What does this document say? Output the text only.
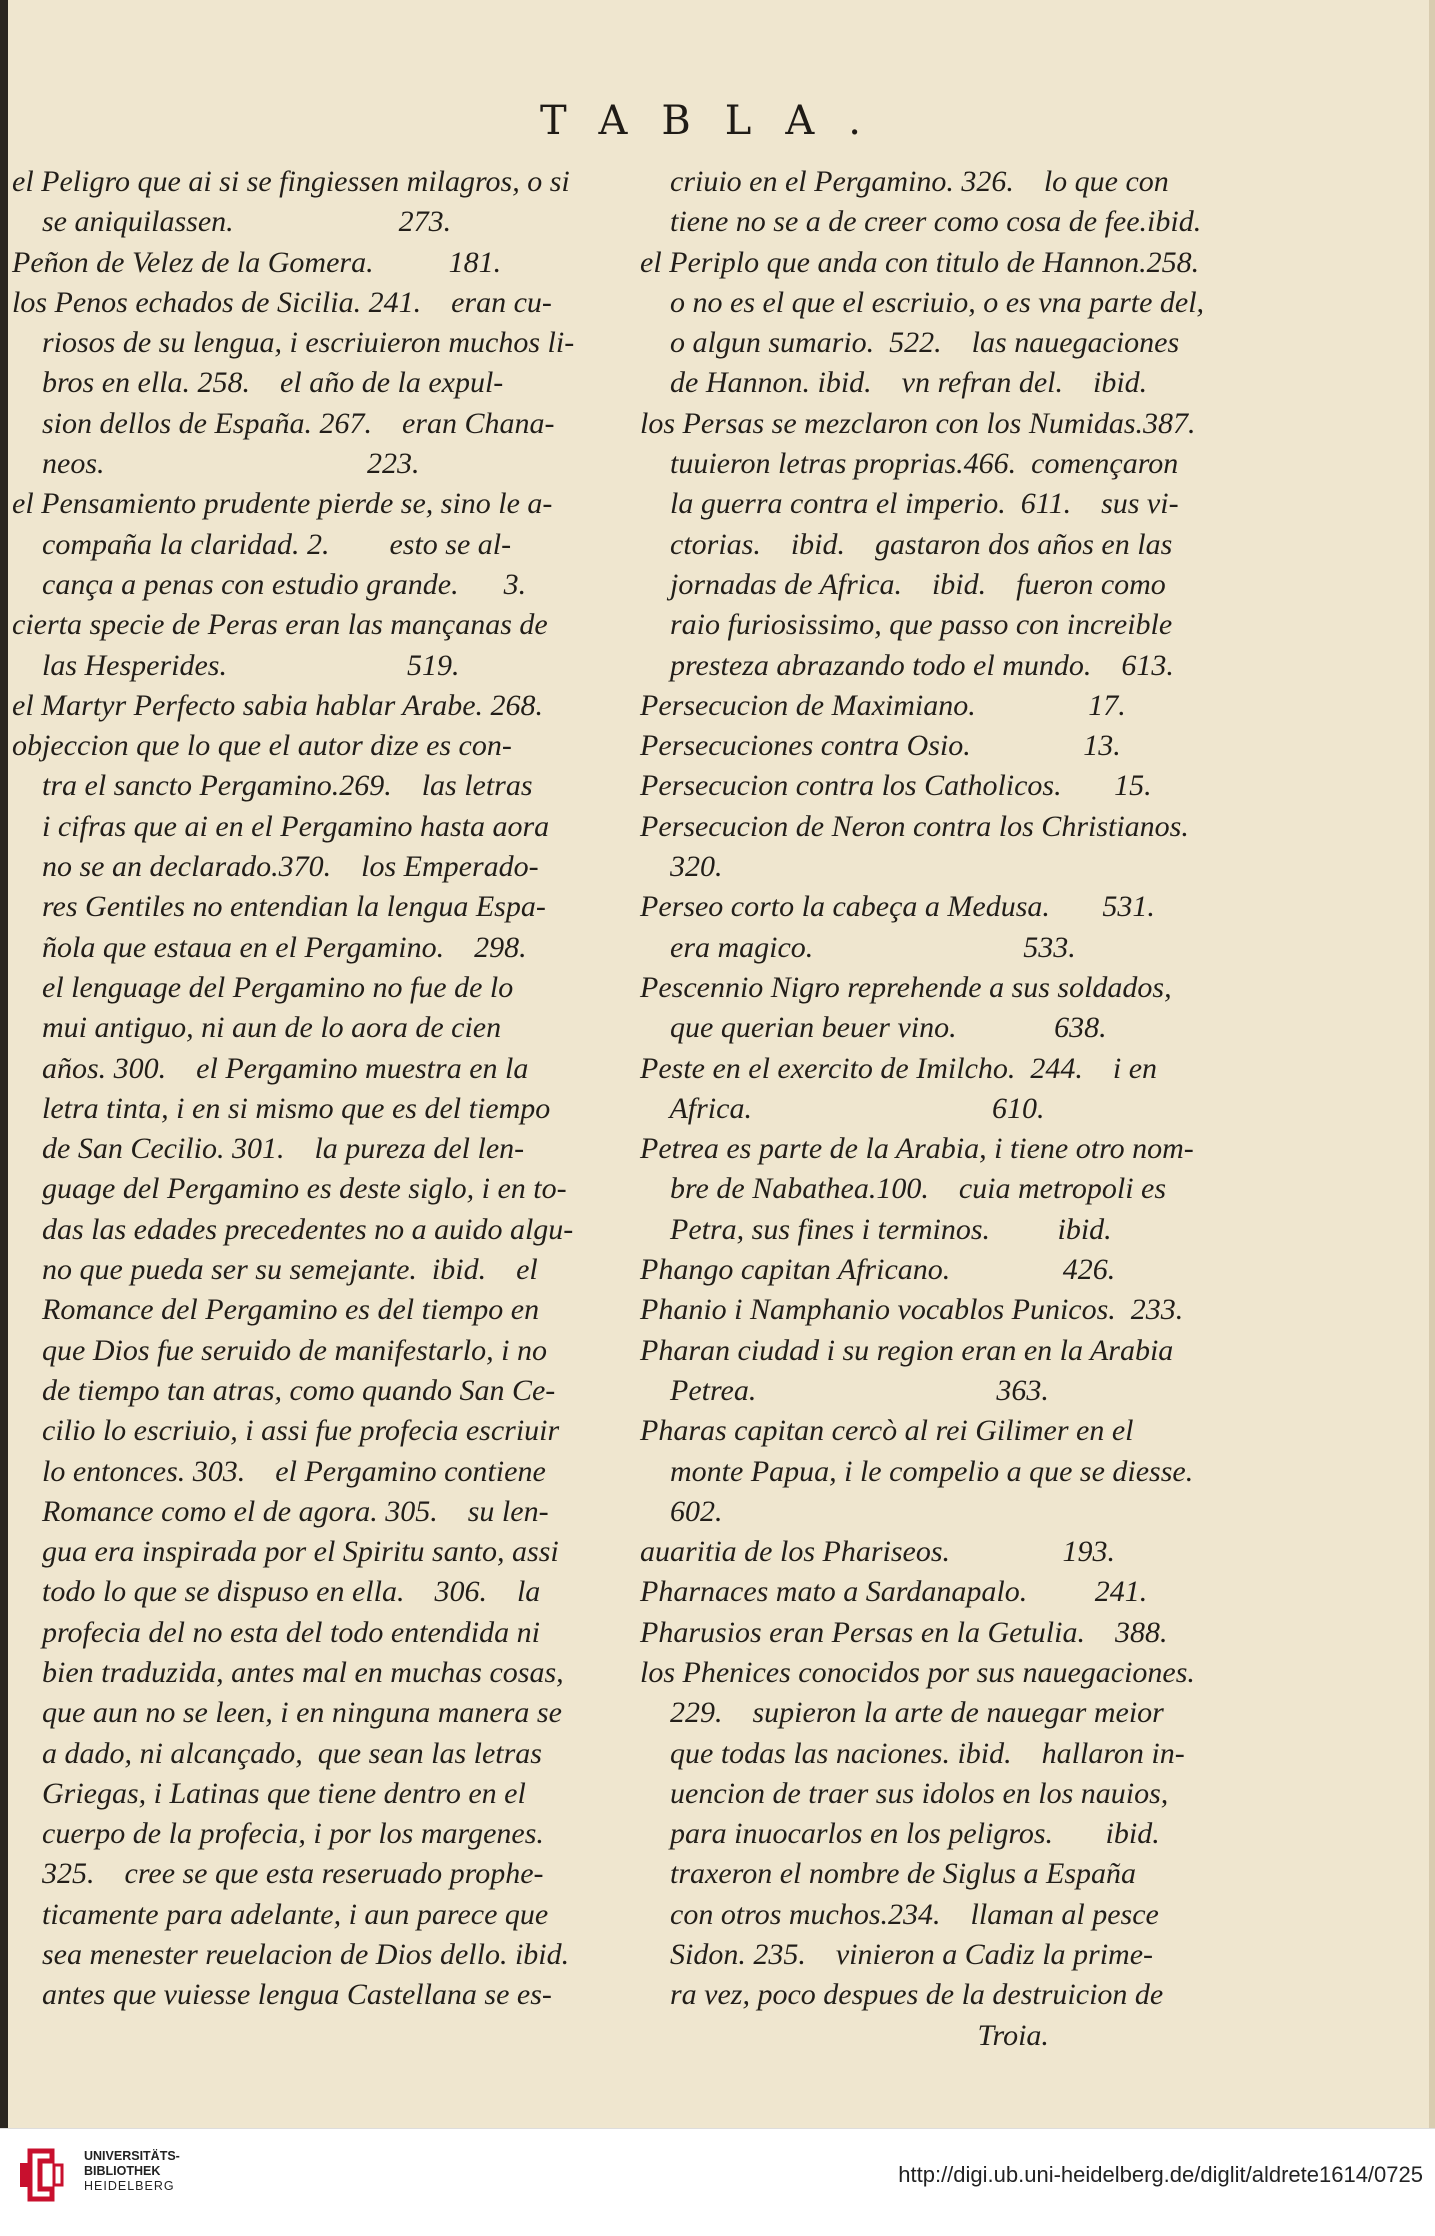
TABLA.
el Peligro que ai si se fingiessen milagros, o si
se aniquilassen.                      273.
Peñon de Velez de la Gomera.          181.
los Penos echados de Sicilia. 241.    eran cu-
riosos de su lengua, i escriuieron muchos li-
bros en ella. 258.    el año de la expul-
sion dellos de España. 267.    eran Chana-
neos.                                   223.
el Pensamiento prudente pierde se, sino le a-
compaña la claridad. 2.        esto se al-
cança a penas con estudio grande.      3.
cierta specie de Peras eran las mançanas de
las Hesperides.                        519.
el Martyr Perfecto sabia hablar Arabe. 268.
objeccion que lo que el autor dize es con-
tra el sancto Pergamino.269.    las letras
i cifras que ai en el Pergamino hasta aora
no se an declarado.370.    los Emperado-
res Gentiles no entendian la lengua Espa-
ñola que estaua en el Pergamino.    298.
el lenguage del Pergamino no fue de lo
mui antiguo, ni aun de lo aora de cien
años. 300.    el Pergamino muestra en la
letra tinta, i en si mismo que es del tiempo
de San Cecilio. 301.    la pureza del len-
guage del Pergamino es deste siglo, i en to-
das las edades precedentes no a auido algu-
no que pueda ser su semejante.  ibid.    el
Romance del Pergamino es del tiempo en
que Dios fue seruido de manifestarlo, i no
de tiempo tan atras, como quando San Ce-
cilio lo escriuio, i assi fue profecia escriuir
lo entonces. 303.    el Pergamino contiene
Romance como el de agora. 305.    su len-
gua era inspirada por el Spiritu santo, assi
todo lo que se dispuso en ella.    306.    la
profecia del no esta del todo entendida ni
bien traduzida, antes mal en muchas cosas,
que aun no se leen, i en ninguna manera se
a dado, ni alcançado,  que sean las letras
Griegas, i Latinas que tiene dentro en el
cuerpo de la profecia, i por los margenes.
325.    cree se que esta reseruado prophe-
ticamente para adelante, i aun parece que
sea menester reuelacion de Dios dello. ibid.
antes que vuiesse lengua Castellana se es-
criuio en el Pergamino. 326.    lo que con
tiene no se a de creer como cosa de fee.ibid.
el Periplo que anda con titulo de Hannon.258.
o no es el que el escriuio, o es vna parte del,
o algun sumario.  522.    las nauegaciones
de Hannon. ibid.    vn refran del.    ibid.
los Persas se mezclaron con los Numidas.387.
tuuieron letras proprias.466.  començaron
la guerra contra el imperio.  611.    sus vi-
ctorias.    ibid.    gastaron dos años en las
jornadas de Africa.    ibid.    fueron como
raio furiosissimo, que passo con increible
presteza abrazando todo el mundo.    613.
Persecucion de Maximiano.               17.
Persecuciones contra Osio.               13.
Persecucion contra los Catholicos.       15.
Persecucion de Neron contra los Christianos.
320.
Perseo corto la cabeça a Medusa.       531.
era magico.                            533.
Pescennio Nigro reprehende a sus soldados,
que querian beuer vino.             638.
Peste en el exercito de Imilcho.  244.    i en
Africa.                                610.
Petrea es parte de la Arabia, i tiene otro nom-
bre de Nabathea.100.    cuia metropoli es
Petra, sus fines i terminos.         ibid.
Phango capitan Africano.               426.
Phanio i Namphanio vocablos Punicos.  233.
Pharan ciudad i su region eran en la Arabia
Petrea.                                363.
Pharas capitan cercò al rei Gilimer en el
monte Papua, i le compelio a que se diesse.
602.
auaritia de los Phariseos.               193.
Pharnaces mato a Sardanapalo.         241.
Pharusios eran Persas en la Getulia.    388.
los Phenices conocidos por sus nauegaciones.
229.    supieron la arte de nauegar meior
que todas las naciones. ibid.    hallaron in-
uencion de traer sus idolos en los nauios,
para inuocarlos en los peligros.       ibid.
traxeron el nombre de Siglus a España
con otros muchos.234.    llaman al pesce
Sidon. 235.    vinieron a Cadiz la prime-
ra vez, poco despues de la destruicion de
Troia.
UNIVERSITÄTS-
BIBLIOTHEK
HEIDELBERG	http://digi.ub.uni-heidelberg.de/diglit/aldrete1614/0725
